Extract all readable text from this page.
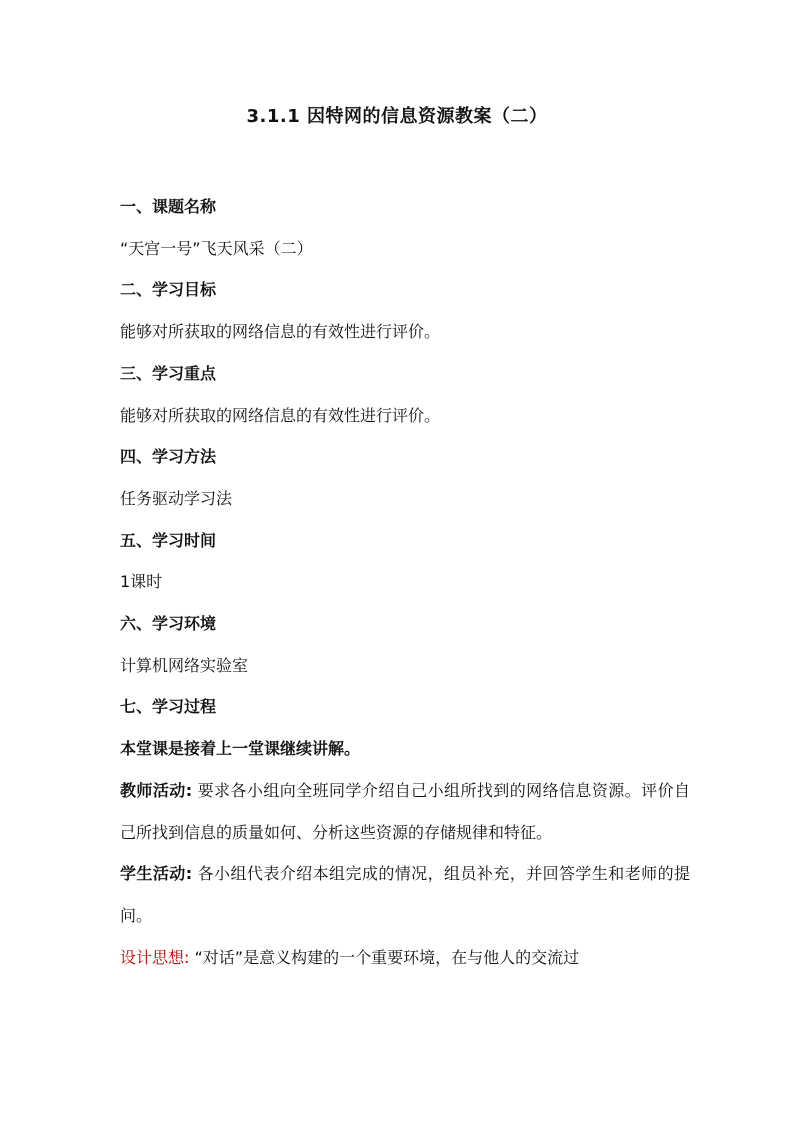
3.1.1 因特网的信息资源教案（二）

一、课题名称

“天宫一号”飞天风采（二）

二、学习目标

能够对所获取的网络信息的有效性进行评价。

三、学习重点

能够对所获取的网络信息的有效性进行评价。

四、学习方法

任务驱动学习法

五、学习时间

1课时

六、学习环境

计算机网络实验室

七、学习过程

本堂课是接着上一堂课继续讲解。

教师活动: 要求各小组向全班同学介绍自己小组所找到的网络信息资源。评价自己所找到信息的质量如何、分析这些资源的存储规律和特征。

学生活动: 各小组代表介绍本组完成的情况，组员补充，并回答学生和老师的提问。

设计思想: “对话”是意义构建的一个重要环境，在与他人的交流过
